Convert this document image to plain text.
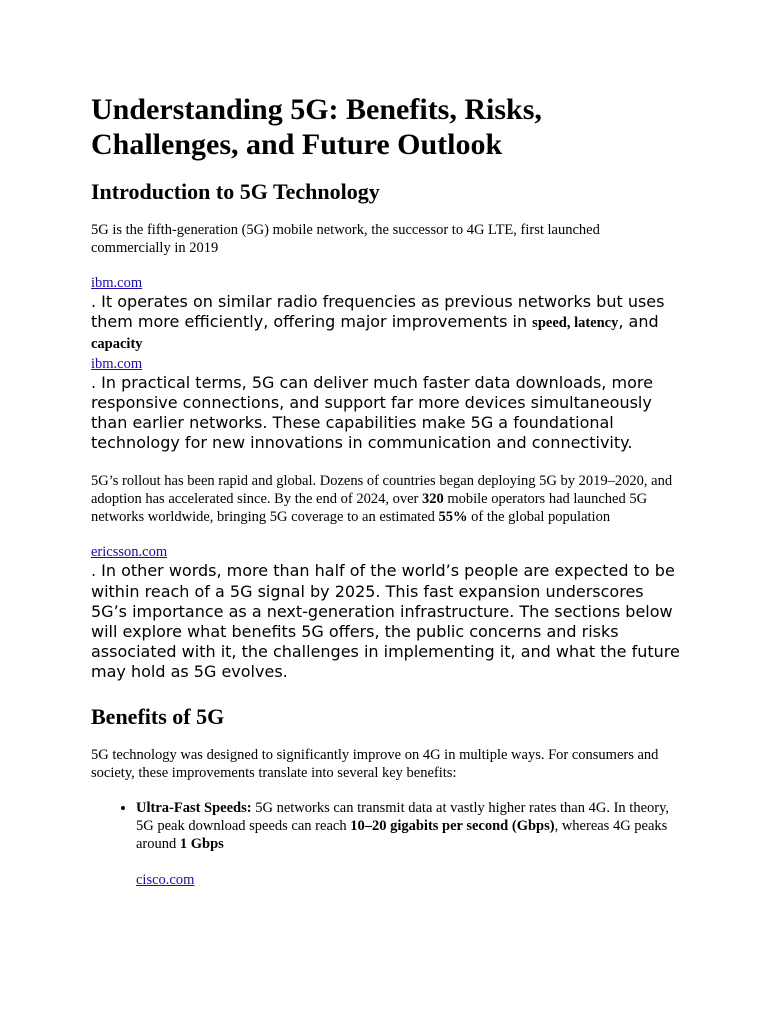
Understanding 5G: Benefits, Risks, Challenges, and Future Outlook
Introduction to 5G Technology

5G is the fifth-generation (5G) mobile network, the successor to 4G LTE, first launched commercially in 2019

ibm.com

. It operates on similar radio frequencies as previous networks but uses them more efficiently, offering major improvements in speed, latency, and capacity

ibm.com

. In practical terms, 5G can deliver much faster data downloads, more responsive connections, and support far more devices simultaneously than earlier networks. These capabilities make 5G a foundational technology for new innovations in communication and connectivity.

5G’s rollout has been rapid and global. Dozens of countries began deploying 5G by 2019–2020, and adoption has accelerated since. By the end of 2024, over 320 mobile operators had launched 5G networks worldwide, bringing 5G coverage to an estimated 55% of the global population

ericsson.com

. In other words, more than half of the world’s people are expected to be within reach of a 5G signal by 2025. This fast expansion underscores 5G’s importance as a next-generation infrastructure. The sections below will explore what benefits 5G offers, the public concerns and risks associated with it, the challenges in implementing it, and what the future may hold as 5G evolves.

Benefits of 5G

5G technology was designed to significantly improve on 4G in multiple ways. For consumers and society, these improvements translate into several key benefits:

• Ultra-Fast Speeds: 5G networks can transmit data at vastly higher rates than 4G. In theory, 5G peak download speeds can reach 10–20 gigabits per second (Gbps), whereas 4G peaks around 1 Gbps
cisco.com
